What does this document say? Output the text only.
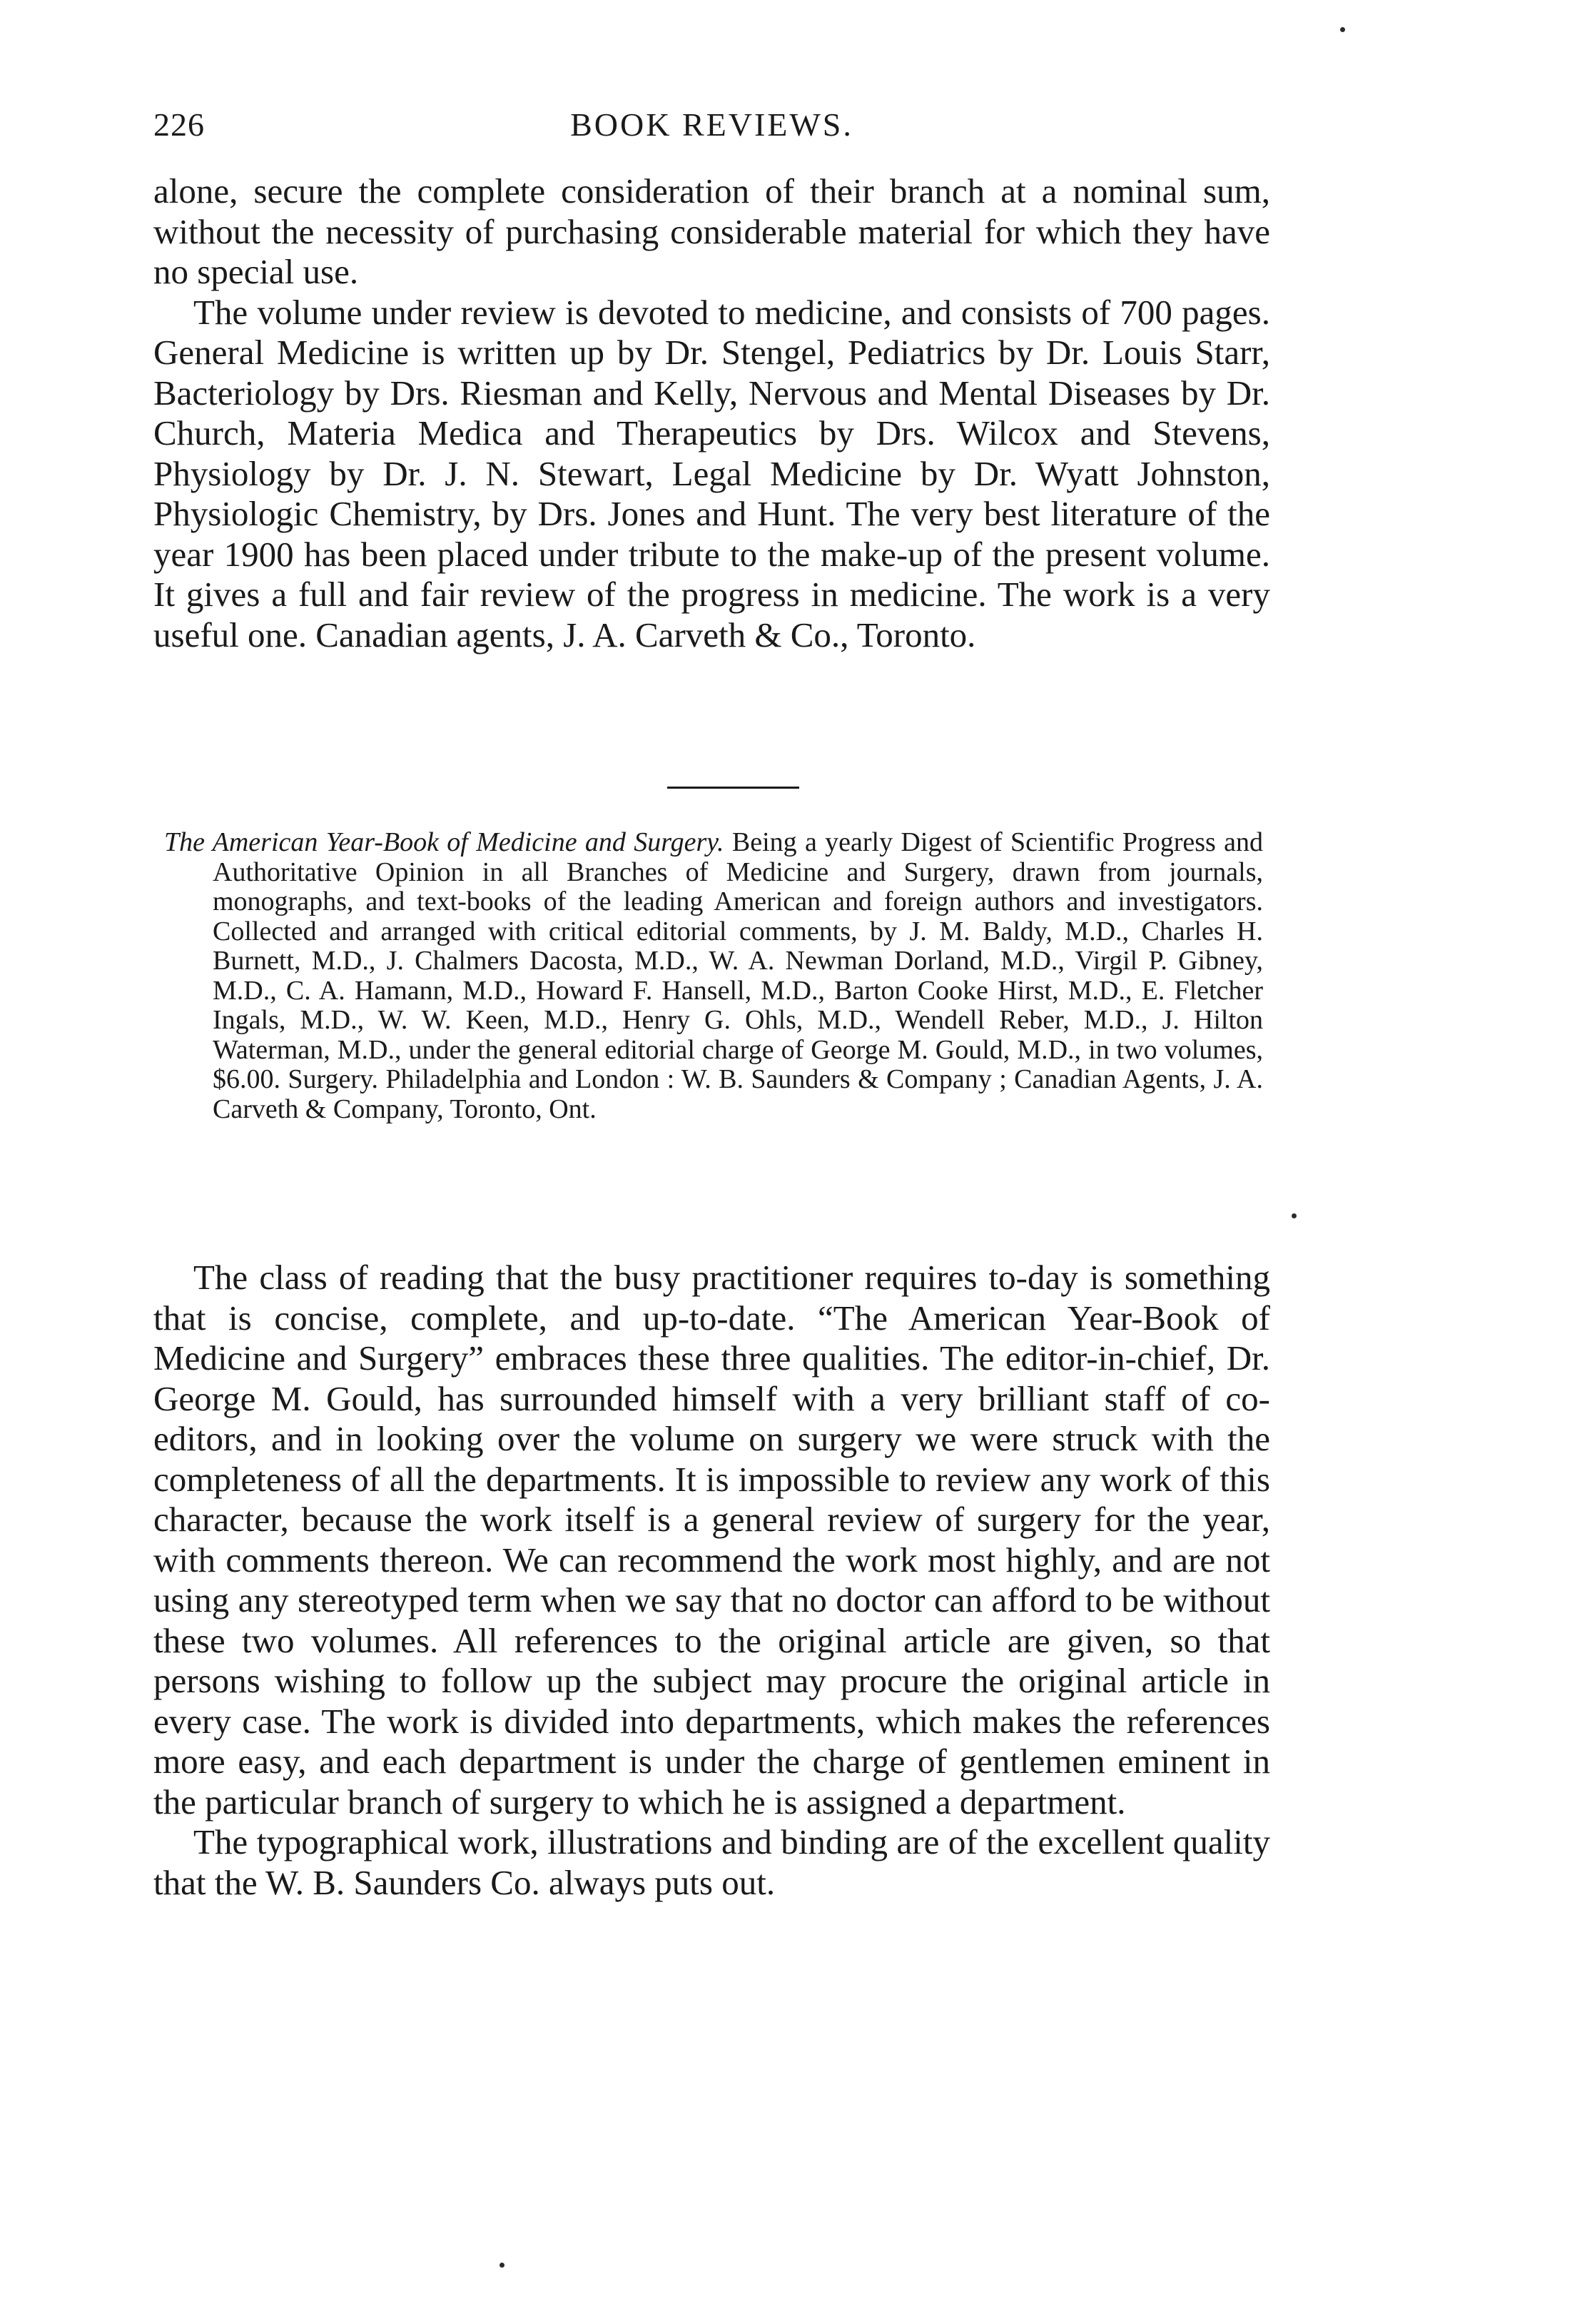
226	BOOK REVIEWS.

alone, secure the complete consideration of their branch at a nominal sum, without the necessity of purchasing considerable material for which they have no special use.

The volume under review is devoted to medicine, and consists of 700 pages. General Medicine is written up by Dr. Stengel, Pediatrics by Dr. Louis Starr, Bacteriology by Drs. Riesman and Kelly, Nervous and Mental Diseases by Dr. Church, Materia Medica and Therapeutics by Drs. Wilcox and Stevens, Physiology by Dr. J. N. Stewart, Legal Medicine by Dr. Wyatt Johnston, Physiologic Chemistry, by Drs. Jones and Hunt. The very best literature of the year 1900 has been placed under tribute to the make-up of the present volume. It gives a full and fair review of the progress in medicine. The work is a very useful one. Canadian agents, J. A. Carveth & Co., Toronto.

The American Year-Book of Medicine and Surgery. Being a yearly Digest of Scientific Progress and Authoritative Opinion in all Branches of Medicine and Surgery, drawn from journals, monographs, and text-books of the leading American and foreign authors and investigators. Collected and arranged with critical editorial comments, by J. M. Baldy, M.D., Charles H. Burnett, M.D., J. Chalmers Dacosta, M.D., W. A. Newman Dorland, M.D., Virgil P. Gibney, M.D., C. A. Hamann, M.D., Howard F. Hansell, M.D., Barton Cooke Hirst, M.D., E. Fletcher Ingals, M.D., W. W. Keen, M.D., Henry G. Ohls, M.D., Wendell Reber, M.D., J. Hilton Waterman, M.D., under the general editorial charge of George M. Gould, M.D., in two volumes, $6.00. Surgery. Philadelphia and London : W. B. Saunders & Company ; Canadian Agents, J. A. Carveth & Company, Toronto, Ont.

The class of reading that the busy practitioner requires to-day is something that is concise, complete, and up-to-date. “The American Year-Book of Medicine and Surgery” embraces these three qualities. The editor-in-chief, Dr. George M. Gould, has surrounded himself with a very brilliant staff of co-editors, and in looking over the volume on surgery we were struck with the completeness of all the departments. It is impossible to review any work of this character, because the work itself is a general review of surgery for the year, with comments thereon. We can recommend the work most highly, and are not using any stereotyped term when we say that no doctor can afford to be without these two volumes. All references to the original article are given, so that persons wishing to follow up the subject may procure the original article in every case. The work is divided into departments, which makes the references more easy, and each department is under the charge of gentlemen eminent in the particular branch of surgery to which he is assigned a department.

The typographical work, illustrations and binding are of the excellent quality that the W. B. Saunders Co. always puts out.
